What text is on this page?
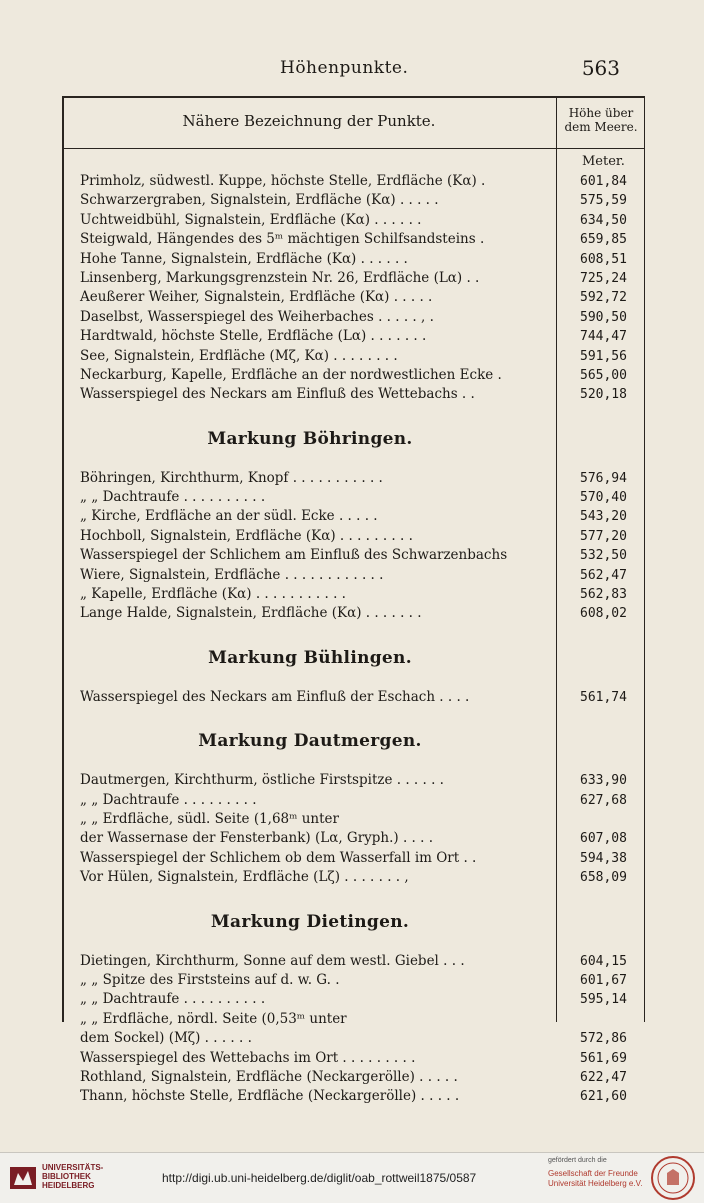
Höhenpunkte.	563
Nähere Bezeichnung der Punkte.	Höhe über
dem Meere.
Meter.
Primholz, südwestl. Kuppe, höchste Stelle, Erdfläche (Kα) .	601,84
Schwarzergraben, Signalstein, Erdfläche (Kα) . . . . .	575,59
Uchtweidbühl, Signalstein, Erdfläche (Kα) . . . . . .	634,50
Steigwald, Hängendes des 5ᵐ mächtigen Schilfsandsteins .	659,85
Hohe Tanne, Signalstein, Erdfläche (Kα) . . . . . .	608,51
Linsenberg, Markungsgrenzstein Nr. 26, Erdfläche (Lα) . .	725,24
Aeußerer Weiher, Signalstein, Erdfläche (Kα) . . . . .	592,72
Daselbst, Wasserspiegel des Weiherbaches . . . . . , .	590,50
Hardtwald, höchste Stelle, Erdfläche (Lα) . . . . . . .	744,47
See, Signalstein, Erdfläche (Mζ, Kα) . . . . . . . .	591,56
Neckarburg, Kapelle, Erdfläche an der nordwestlichen Ecke .	565,00
Wasserspiegel des Neckars am Einfluß des Wettebachs . .	520,18
Markung Böhringen.
Böhringen, Kirchthurm, Knopf . . . . . . . . . . .	576,94
„ „ Dachtraufe . . . . . . . . . .	570,40
„ Kirche, Erdfläche an der südl. Ecke . . . . .	543,20
Hochboll, Signalstein, Erdfläche (Kα) . . . . . . . . .	577,20
Wasserspiegel der Schlichem am Einfluß des Schwarzenbachs	532,50
Wiere, Signalstein, Erdfläche . . . . . . . . . . . .	562,47
„ Kapelle, Erdfläche (Kα) . . . . . . . . . . .	562,83
Lange Halde, Signalstein, Erdfläche (Kα) . . . . . . .	608,02
Markung Bühlingen.
Wasserspiegel des Neckars am Einfluß der Eschach . . . .	561,74
Markung Dautmergen.
Dautmergen, Kirchthurm, östliche Firstspitze . . . . . .	633,90
„ „ Dachtraufe . . . . . . . . .	627,68
„ „ Erdfläche, südl. Seite (1,68ᵐ unter
der Wassernase der Fensterbank) (Lα, Gryph.) . . . .	607,08
Wasserspiegel der Schlichem ob dem Wasserfall im Ort . .	594,38
Vor Hülen, Signalstein, Erdfläche (Lζ) . . . . . . . ,	658,09
Markung Dietingen.
Dietingen, Kirchthurm, Sonne auf dem westl. Giebel . . .	604,15
„ „ Spitze des Firststeins auf d. w. G. .	601,67
„ „ Dachtraufe . . . . . . . . . .	595,14
„ „ Erdfläche, nördl. Seite (0,53ᵐ unter
dem Sockel) (Mζ) . . . . . .	572,86
Wasserspiegel des Wettebachs im Ort . . . . . . . . .	561,69
Rothland, Signalstein, Erdfläche (Neckargerölle) . . . . .	622,47
Thann, höchste Stelle, Erdfläche (Neckargerölle) . . . . .	621,60
UNIVERSITÄTS-
BIBLIOTHEK
HEIDELBERG
http://digi.ub.uni-heidelberg.de/diglit/oab_rottweil1875/0587
gefördert durch die
Gesellschaft der Freunde
Universität Heidelberg e.V.
